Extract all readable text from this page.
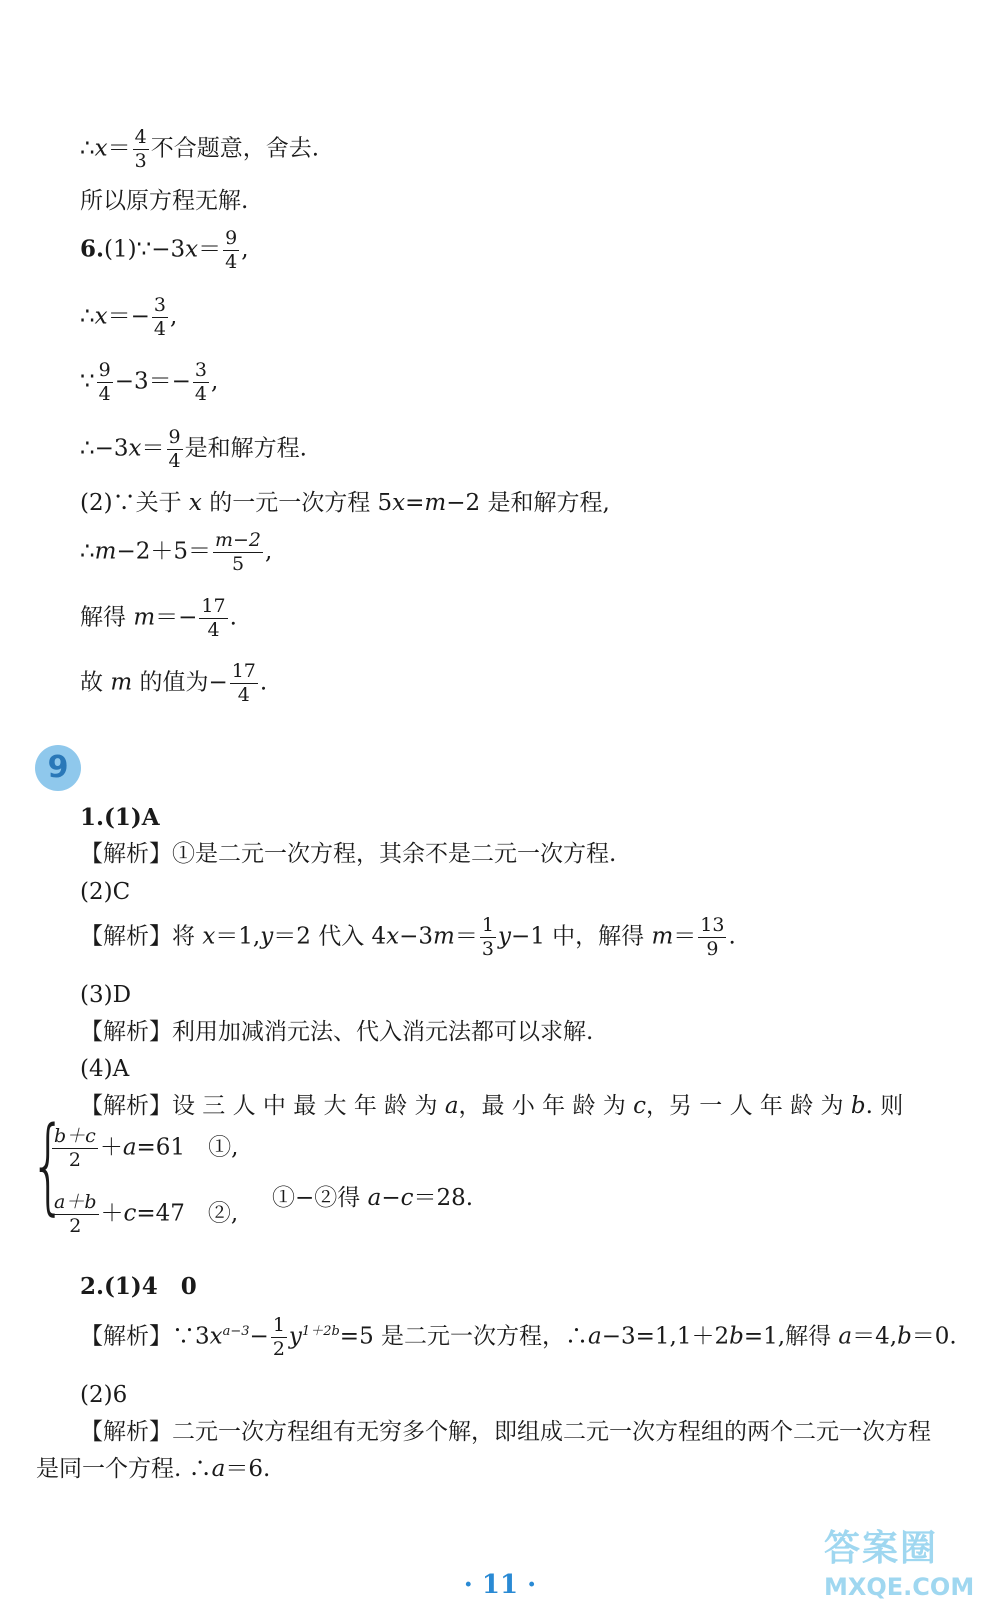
∴x＝ $\frac{4}{3}$ 不合题意，舍去.
所以原方程无解.
6.(1)∵−3x＝ $\frac{9}{4}$ ,
∴x＝− $\frac{3}{4}$ ,
∵ $\frac{9}{4} -3=- \frac{3}{4}$ ,
∴−3x＝ $\frac{9}{4}$ 是和解方程.
(2)∵关于 x 的一元一次方程 5x=m−2 是和解方程,
∴m−2＋5＝ $\frac{m-2}{5}$ ,
解得 $m=- \frac{17}{4}$ .
故 m 的值为− $\frac{17}{4}$ .
9
1.(1)A
【解析】①是二元一次方程，其余不是二元一次方程.
(2)C
【解析】将 x＝1,y＝2 代入 $4x-3m= \frac{1}{3} y-1$ 中，解得 $m= \frac{13}{9}$ .
(3)D
【解析】利用加减消元法、代入消元法都可以求解.
(4)A
【解析】设 三 人 中 最 大 年 龄 为 a，最 小 年 龄 为 c，另 一 人 年 龄 为 b. 则
{
$\frac{b+c}{2} +a=61$　①,
$\frac{a+b}{2} +c=47$　②,
①−②得 a−c＝28.
2.(1)4　0
【解析】$\because 3x^{a-3}- \frac{1}{2} y^{1+2b}=5$ 是二元一次方程，∴a−3=1,1＋2b=1,解得 a＝4,b＝0.
(2)6
【解析】二元一次方程组有无穷多个解，即组成二元一次方程组的两个二元一次方程
是同一个方程. ∴a＝6.
· 11 ·
答案圈
MXQE.COM
